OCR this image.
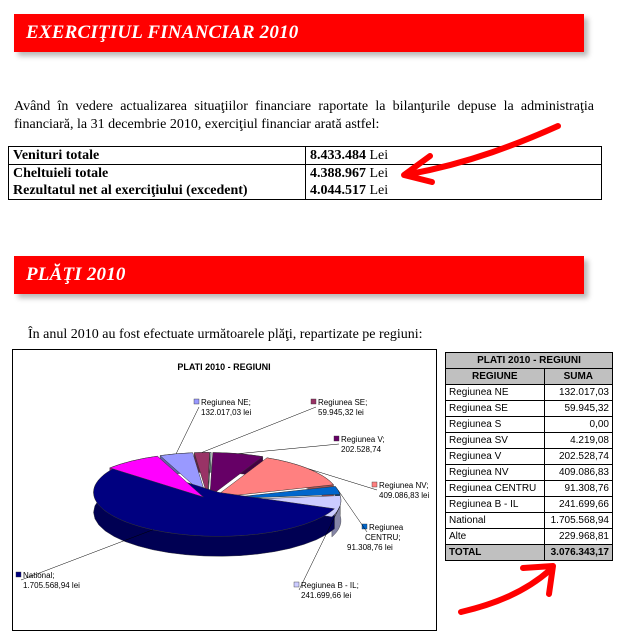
EXERCIŢIUL FINANCIAR 2010
Având în vedere actualizarea situaţiilor financiare raportate la bilanţurile depuse la administraţia financiară, la 31 decembrie 2010, exerciţiul financiar arată astfel:
Venituri totale	8.433.484 Lei
Cheltuieli totale	4.388.967 Lei
Rezultatul net al exerciţiului (excedent)	4.044.517 Lei
PLĂŢI 2010
În anul 2010 au fost efectuate următoarele plăţi, repartizate pe regiuni:
PLATI 2010 - REGIUNI
Regiunea NE;
132.017,03 lei
Regiunea SE;
59.945,32 lei
Regiunea V;
202.528,74
Regiunea NV;
409.086,83 lei
Regiunea
CENTRU;
91.308,76 lei
Regiunea B - IL;
241.699,66 lei
National;
1.705.568,94 lei
PLATI 2010 - REGIUNI	
REGIUNE	SUMA
Regiunea NE	132.017,03
Regiunea SE	59.945,32
Regiunea S	0,00
Regiunea SV	4.219,08
Regiunea V	202.528,74
Regiunea NV	409.086,83
Regiunea CENTRU	91.308,76
Regiunea B - IL	241.699,66
National	1.705.568,94
Alte	229.968,81
TOTAL	3.076.343,17
